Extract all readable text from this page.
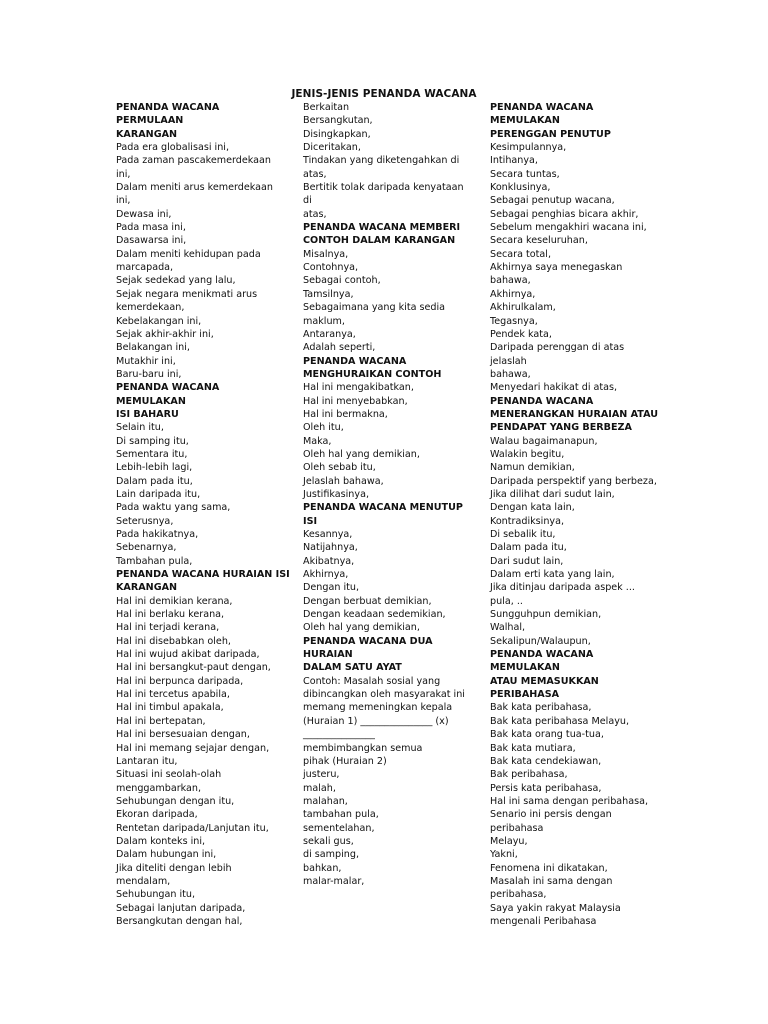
JENIS-JENIS PENANDA WACANA
PENANDA WACANA
PERMULAAN
KARANGAN
Pada era globalisasi ini,
Pada zaman pascakemerdekaan
ini,
Dalam meniti arus kemerdekaan
ini,
Dewasa ini,
Pada masa ini,
Dasawarsa ini,
Dalam meniti kehidupan pada
marcapada,
Sejak sedekad yang lalu,
Sejak negara menikmati arus
kemerdekaan,
Kebelakangan ini,
Sejak akhir-akhir ini,
Belakangan ini,
Mutakhir ini,
Baru-baru ini,
PENANDA WACANA
MEMULAKAN
ISI BAHARU
Selain itu,
Di samping itu,
Sementara itu,
Lebih-lebih lagi,
Dalam pada itu,
Lain daripada itu,
Pada waktu yang sama,
Seterusnya,
Pada hakikatnya,
Sebenarnya,
Tambahan pula,
PENANDA WACANA HURAIAN ISI
KARANGAN
Hal ini demikian kerana,
Hal ini berlaku kerana,
Hal ini terjadi kerana,
Hal ini disebabkan oleh,
Hal ini wujud akibat daripada,
Hal ini bersangkut-paut dengan,
Hal ini berpunca daripada,
Hal ini tercetus apabila,
Hal ini timbul apakala,
Hal ini bertepatan,
Hal ini bersesuaian dengan,
Hal ini memang sejajar dengan,
Lantaran itu,
Situasi ini seolah-olah
menggambarkan,
Sehubungan dengan itu,
Ekoran daripada,
Rentetan daripada/Lanjutan itu,
Dalam konteks ini,
Dalam hubungan ini,
Jika diteliti dengan lebih
mendalam,
Sehubungan itu,
Sebagai lanjutan daripada,
Bersangkutan dengan hal,
Berkaitan
Bersangkutan,
Disingkapkan,
Diceritakan,
Tindakan yang diketengahkan di
atas,
Bertitik tolak daripada kenyataan
di
atas,
PENANDA WACANA MEMBERI
CONTOH DALAM KARANGAN
Misalnya,
Contohnya,
Sebagai contoh,
Tamsilnya,
Sebagaimana yang kita sedia
maklum,
Antaranya,
Adalah seperti,
PENANDA WACANA
MENGHURAIKAN CONTOH
Hal ini mengakibatkan,
Hal ini menyebabkan,
Hal ini bermakna,
Oleh itu,
Maka,
Oleh hal yang demikian,
Oleh sebab itu,
Jelaslah bahawa,
Justifikasinya,
PENANDA WACANA MENUTUP
ISI
Kesannya,
Natijahnya,
Akibatnya,
Akhirnya,
Dengan itu,
Dengan berbuat demikian,
Dengan keadaan sedemikian,
Oleh hal yang demikian,
PENANDA WACANA DUA
HURAIAN
DALAM SATU AYAT
Contoh: Masalah sosial yang
dibincangkan oleh masyarakat ini
memang memeningkan kepala
(Huraian 1) _______________ (x)
_______________
membimbangkan semua
pihak (Huraian 2)
justeru,
malah,
malahan,
tambahan pula,
sementelahan,
sekali gus,
di samping,
bahkan,
malar-malar,
PENANDA WACANA
MEMULAKAN
PERENGGAN PENUTUP
Kesimpulannya,
Intihanya,
Secara tuntas,
Konklusinya,
Sebagai penutup wacana,
Sebagai penghias bicara akhir,
Sebelum mengakhiri wacana ini,
Secara keseluruhan,
Secara total,
Akhirnya saya menegaskan
bahawa,
Akhirnya,
Akhirulkalam,
Tegasnya,
Pendek kata,
Daripada perenggan di atas
jelaslah
bahawa,
Menyedari hakikat di atas,
PENANDA WACANA
MENERANGKAN HURAIAN ATAU
PENDAPAT YANG BERBEZA
Walau bagaimanapun,
Walakin begitu,
Namun demikian,
Daripada perspektif yang berbeza,
Jika dilihat dari sudut lain,
Dengan kata lain,
Kontradiksinya,
Di sebalik itu,
Dalam pada itu,
Dari sudut lain,
Dalam erti kata yang lain,
Jika ditinjau daripada aspek ...
pula, ..
Sungguhpun demikian,
Walhal,
Sekalipun/Walaupun,
PENANDA WACANA
MEMULAKAN
ATAU MEMASUKKAN
PERIBAHASA
Bak kata peribahasa,
Bak kata peribahasa Melayu,
Bak kata orang tua-tua,
Bak kata mutiara,
Bak kata cendekiawan,
Bak peribahasa,
Persis kata peribahasa,
Hal ini sama dengan peribahasa,
Senario ini persis dengan
peribahasa
Melayu,
Yakni,
Fenomena ini dikatakan,
Masalah ini sama dengan
peribahasa,
Saya yakin rakyat Malaysia
mengenali Peribahasa
